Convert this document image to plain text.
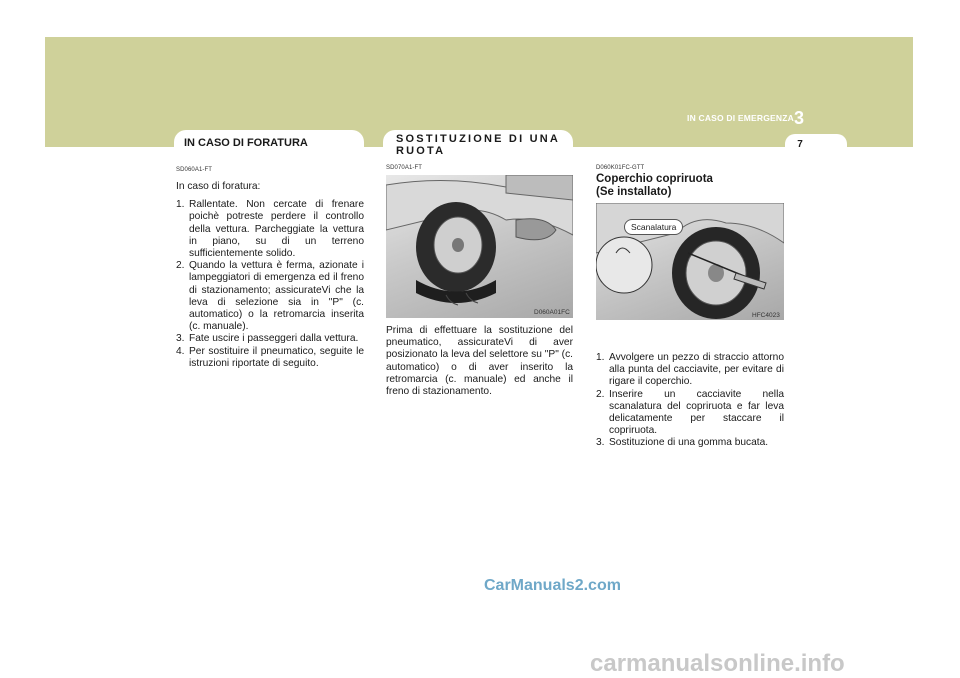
IN CASO DI EMERGENZA 3
7
IN CASO DI FORATURA
SD060A1-FT
In caso di foratura:
1. Rallentate. Non cercate di frenare poichè potreste perdere il controllo della vettura. Parcheggiate la vettura in piano, su di un terreno sufficientemente solido.
2. Quando la vettura è ferma, azionate i lampeggiatori di emergenza ed il freno di stazionamento; assicurateVi che la leva di selezione sia in "P" (c. automatico) o la retromarcia inserita (c. manuale).
3. Fate uscire i passeggeri dalla vettura.
4. Per sostituire il pneumatico, seguite le istruzioni riportate di seguito.
SOSTITUZIONE DI UNA
RUOTA
SD070A1-FT
D060A01FC
Prima di effettuare la sostituzione del pneumatico, assicurateVi di aver posizionato la leva del selettore su "P" (c. automatico) o di aver inserito la retromarcia (c. manuale) ed anche il freno di stazionamento.
D060K01FC-GTT
Coperchio copriruota
(Se installato)
Scanalatura
HFC4023
1. Avvolgere un pezzo di straccio attorno alla punta del cacciavite, per evitare di rigare il coperchio.
2. Inserire un cacciavite nella scanalatura del copriruota e far leva delicatamente per staccare il copriruota.
3. Sostituzione di una gomma bucata.
CarManuals2.com
carmanualsonline.info
